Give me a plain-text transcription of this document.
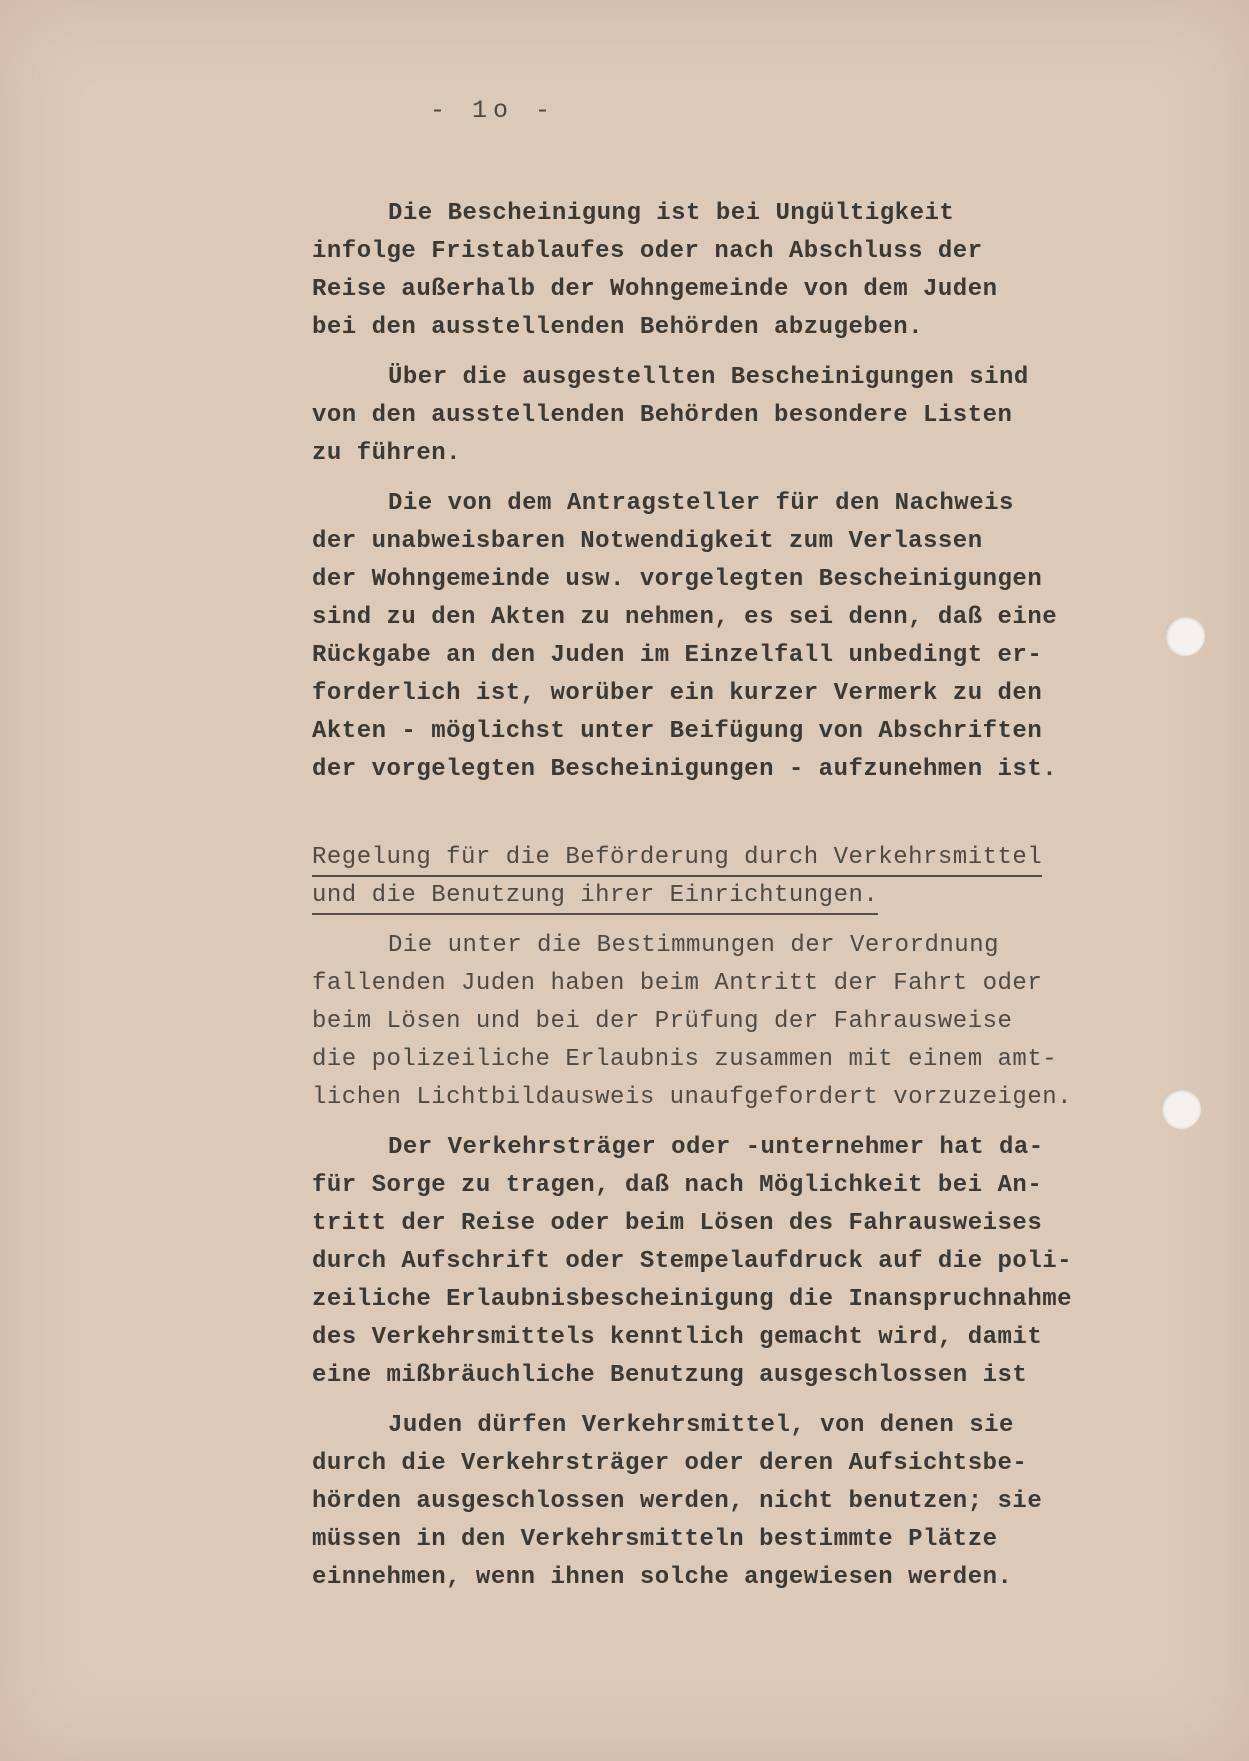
- 1o -
Die Bescheinigung ist bei Ungültigkeit
infolge Fristablaufes oder nach Abschluss der
Reise außerhalb der Wohngemeinde von dem Juden
bei den ausstellenden Behörden abzugeben.
Über die ausgestellten Bescheinigungen sind
von den ausstellenden Behörden besondere Listen
zu führen.
Die von dem Antragsteller für den Nachweis
der unabweisbaren Notwendigkeit zum Verlassen
der Wohngemeinde usw. vorgelegten Bescheinigungen
sind zu den Akten zu nehmen, es sei denn, daß eine
Rückgabe an den Juden im Einzelfall unbedingt er-
forderlich ist, worüber ein kurzer Vermerk zu den
Akten - möglichst unter Beifügung von Abschriften
der vorgelegten Bescheinigungen - aufzunehmen ist.
Regelung für die Beförderung durch Verkehrsmittel
und die Benutzung ihrer Einrichtungen.
Die unter die Bestimmungen der Verordnung
fallenden Juden haben beim Antritt der Fahrt oder
beim Lösen und bei der Prüfung der Fahrausweise
die polizeiliche Erlaubnis zusammen mit einem amt-
lichen Lichtbildausweis unaufgefordert vorzuzeigen.
Der Verkehrsträger oder -unternehmer hat da-
für Sorge zu tragen, daß nach Möglichkeit bei An-
tritt der Reise oder beim Lösen des Fahrausweises
durch Aufschrift oder Stempelaufdruck auf die poli-
zeiliche Erlaubnisbescheinigung die Inanspruchnahme
des Verkehrsmittels kenntlich gemacht wird, damit
eine mißbräuchliche Benutzung ausgeschlossen ist
Juden dürfen Verkehrsmittel, von denen sie
durch die Verkehrsträger oder deren Aufsichtsbe-
hörden ausgeschlossen werden, nicht benutzen; sie
müssen in den Verkehrsmitteln bestimmte Plätze
einnehmen, wenn ihnen solche angewiesen werden.
